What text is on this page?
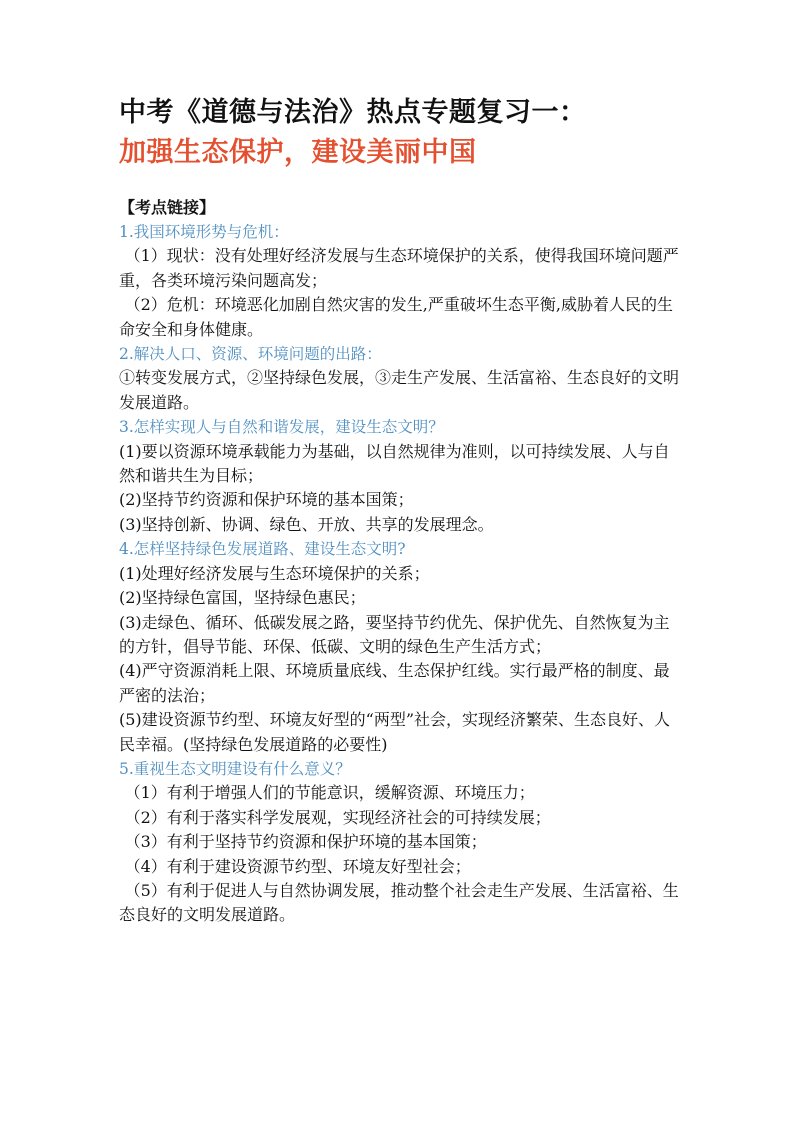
中考《道德与法治》热点专题复习一：
加强生态保护，建设美丽中国
【考点链接】
1.我国环境形势与危机：
（1）现状：没有处理好经济发展与生态环境保护的关系，使得我国环境问题严重，各类环境污染问题高发；
（2）危机：环境恶化加剧自然灾害的发生,严重破坏生态平衡,威胁着人民的生命安全和身体健康。
2.解决人口、资源、环境问题的出路：
①转变发展方式，②坚持绿色发展，③走生产发展、生活富裕、生态良好的文明发展道路。
3.怎样实现人与自然和谐发展，建设生态文明？
(1)要以资源环境承载能力为基础，以自然规律为准则，以可持续发展、人与自然和谐共生为目标；
(2)坚持节约资源和保护环境的基本国策；
(3)坚持创新、协调、绿色、开放、共享的发展理念。
4.怎样坚持绿色发展道路、建设生态文明?
(1)处理好经济发展与生态环境保护的关系；
(2)坚持绿色富国，坚持绿色惠民；
(3)走绿色、循环、低碳发展之路，要坚持节约优先、保护优先、自然恢复为主的方针，倡导节能、环保、低碳、文明的绿色生产生活方式；
(4)严守资源消耗上限、环境质量底线、生态保护红线。实行最严格的制度、最严密的法治；
(5)建设资源节约型、环境友好型的“两型”社会，实现经济繁荣、生态良好、人民幸福。(坚持绿色发展道路的必要性)
5.重视生态文明建设有什么意义？
（1）有利于增强人们的节能意识，缓解资源、环境压力；
（2）有利于落实科学发展观，实现经济社会的可持续发展；
（3）有利于坚持节约资源和保护环境的基本国策；
（4）有利于建设资源节约型、环境友好型社会；
（5）有利于促进人与自然协调发展，推动整个社会走生产发展、生活富裕、生态良好的文明发展道路。
